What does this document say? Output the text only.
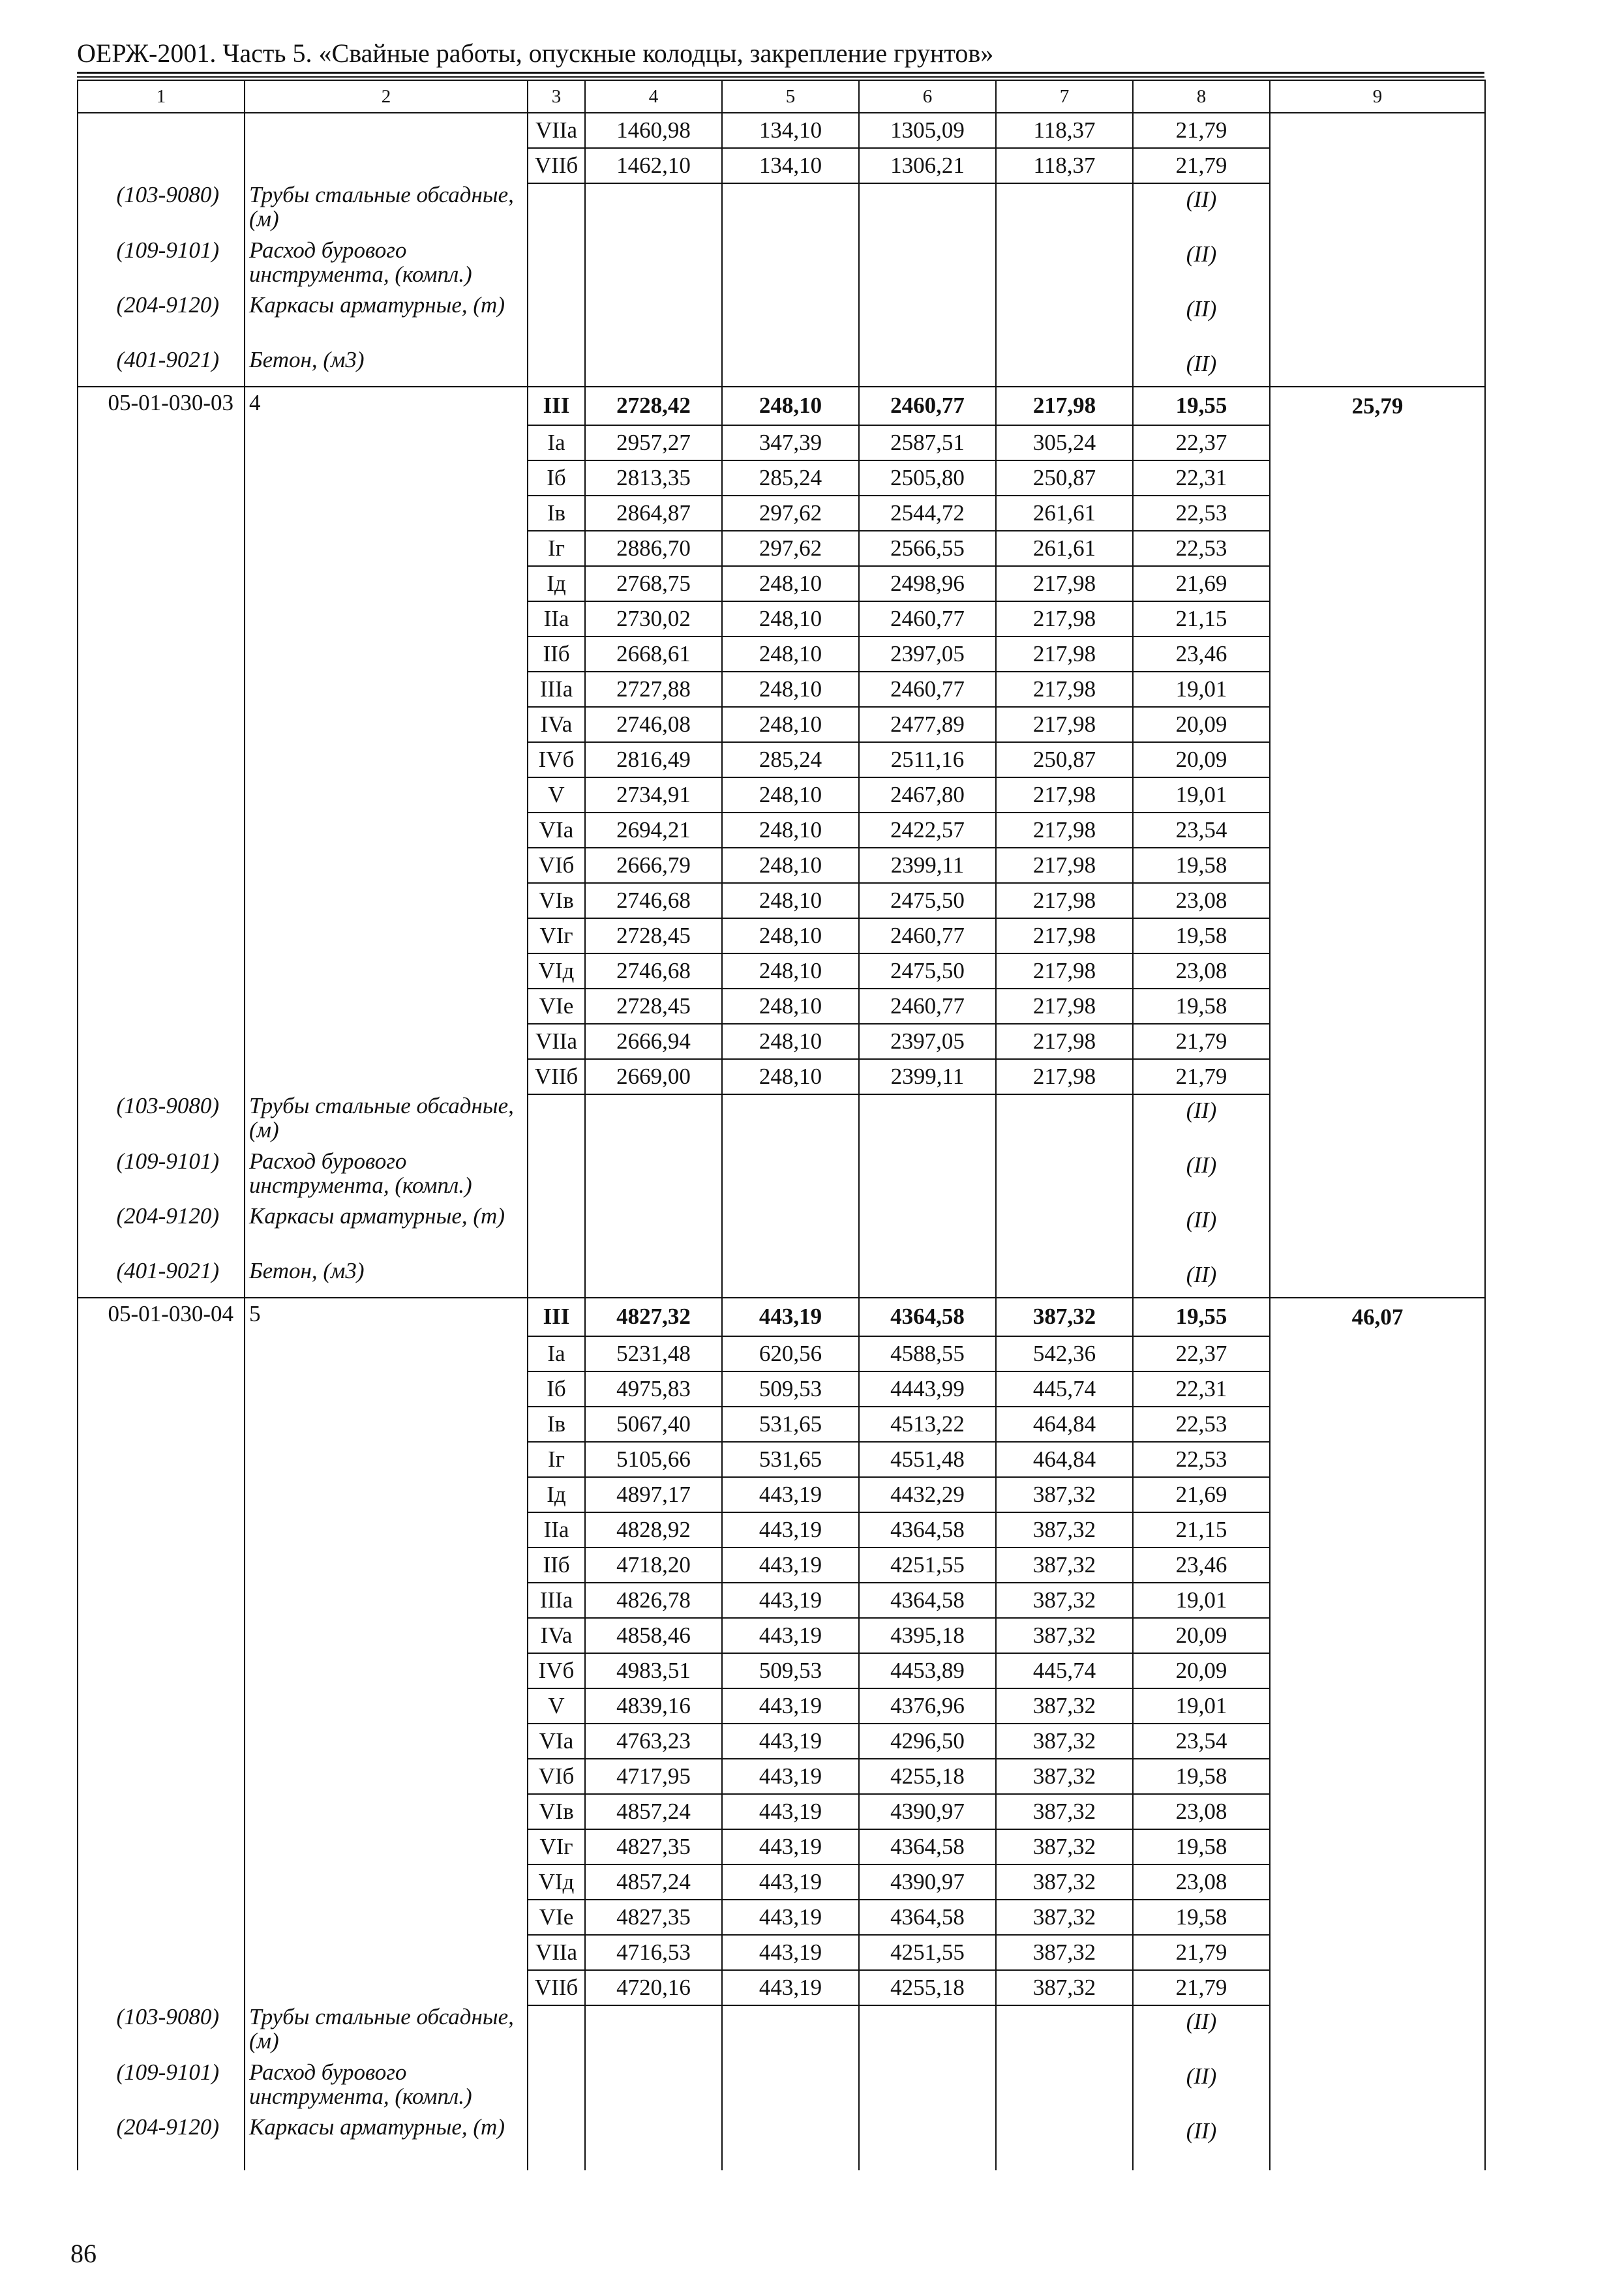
ОЕРЖ-2001. Часть 5. «Свайные работы, опускные колодцы, закрепление грунтов»
1	2	3	4	5	6	7	8	9
		VIIa	1460,98	134,10	1305,09	118,37	21,79	
		VIIб	1462,10	134,10	1306,21	118,37	21,79	
(103-9080)	Трубы стальные обсадные, (м)						(II)	
(109-9101)	Расход бурового инструмента, (компл.)						(II)	
(204-9120)	Каркасы арматурные, (т)						(II)	
(401-9021)	Бетон, (м3)						(II)	
05-01-030-03	4	III	2728,42	248,10	2460,77	217,98	19,55	25,79
		Ia	2957,27	347,39	2587,51	305,24	22,37	
		Iб	2813,35	285,24	2505,80	250,87	22,31	
		Iв	2864,87	297,62	2544,72	261,61	22,53	
		Iг	2886,70	297,62	2566,55	261,61	22,53	
		Iд	2768,75	248,10	2498,96	217,98	21,69	
		IIa	2730,02	248,10	2460,77	217,98	21,15	
		IIб	2668,61	248,10	2397,05	217,98	23,46	
		IIIa	2727,88	248,10	2460,77	217,98	19,01	
		IVa	2746,08	248,10	2477,89	217,98	20,09	
		IVб	2816,49	285,24	2511,16	250,87	20,09	
		V	2734,91	248,10	2467,80	217,98	19,01	
		VIa	2694,21	248,10	2422,57	217,98	23,54	
		VIб	2666,79	248,10	2399,11	217,98	19,58	
		VIв	2746,68	248,10	2475,50	217,98	23,08	
		VIг	2728,45	248,10	2460,77	217,98	19,58	
		VIд	2746,68	248,10	2475,50	217,98	23,08	
		VIe	2728,45	248,10	2460,77	217,98	19,58	
		VIIa	2666,94	248,10	2397,05	217,98	21,79	
		VIIб	2669,00	248,10	2399,11	217,98	21,79	
(103-9080)	Трубы стальные обсадные, (м)						(II)	
(109-9101)	Расход бурового инструмента, (компл.)						(II)	
(204-9120)	Каркасы арматурные, (т)						(II)	
(401-9021)	Бетон, (м3)						(II)	
05-01-030-04	5	III	4827,32	443,19	4364,58	387,32	19,55	46,07
		Ia	5231,48	620,56	4588,55	542,36	22,37	
		Iб	4975,83	509,53	4443,99	445,74	22,31	
		Iв	5067,40	531,65	4513,22	464,84	22,53	
		Iг	5105,66	531,65	4551,48	464,84	22,53	
		Iд	4897,17	443,19	4432,29	387,32	21,69	
		IIa	4828,92	443,19	4364,58	387,32	21,15	
		IIб	4718,20	443,19	4251,55	387,32	23,46	
		IIIa	4826,78	443,19	4364,58	387,32	19,01	
		IVa	4858,46	443,19	4395,18	387,32	20,09	
		IVб	4983,51	509,53	4453,89	445,74	20,09	
		V	4839,16	443,19	4376,96	387,32	19,01	
		VIa	4763,23	443,19	4296,50	387,32	23,54	
		VIб	4717,95	443,19	4255,18	387,32	19,58	
		VIв	4857,24	443,19	4390,97	387,32	23,08	
		VIг	4827,35	443,19	4364,58	387,32	19,58	
		VIд	4857,24	443,19	4390,97	387,32	23,08	
		VIe	4827,35	443,19	4364,58	387,32	19,58	
		VIIa	4716,53	443,19	4251,55	387,32	21,79	
		VIIб	4720,16	443,19	4255,18	387,32	21,79	
(103-9080)	Трубы стальные обсадные, (м)						(II)	
(109-9101)	Расход бурового инструмента, (компл.)						(II)	
(204-9120)	Каркасы арматурные, (т)						(II)	
86
